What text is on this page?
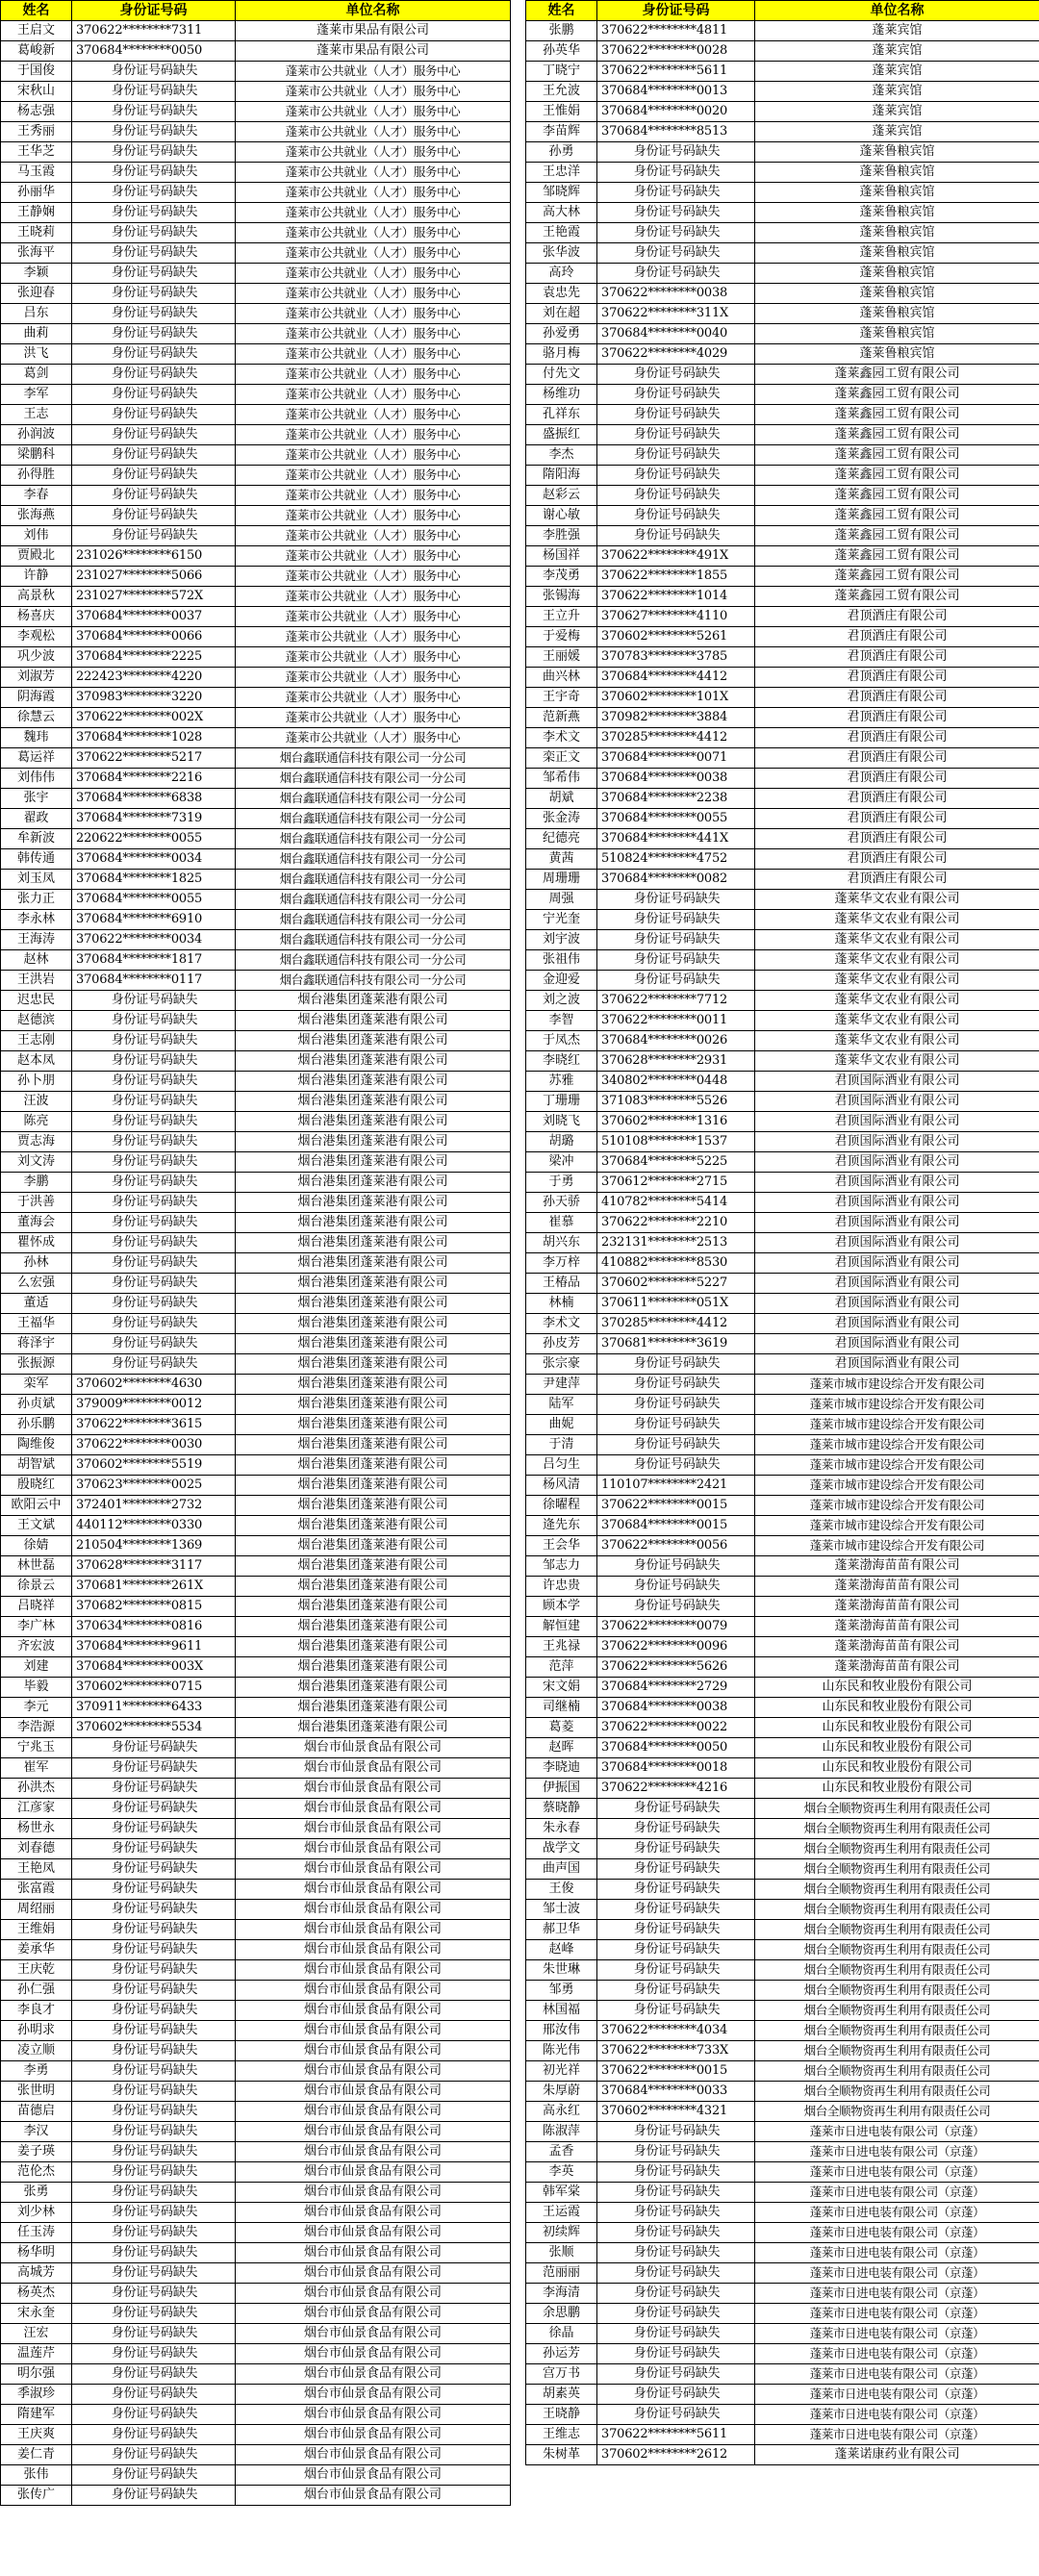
姓名	身份证号码	单位名称
王启文	370622********7311	蓬莱市果品有限公司
葛峻新	370684********0050	蓬莱市果品有限公司
于国俊	身份证号码缺失	蓬莱市公共就业（人才）服务中心
宋秋山	身份证号码缺失	蓬莱市公共就业（人才）服务中心
杨志强	身份证号码缺失	蓬莱市公共就业（人才）服务中心
王秀丽	身份证号码缺失	蓬莱市公共就业（人才）服务中心
王华芝	身份证号码缺失	蓬莱市公共就业（人才）服务中心
马玉霞	身份证号码缺失	蓬莱市公共就业（人才）服务中心
孙丽华	身份证号码缺失	蓬莱市公共就业（人才）服务中心
王静娴	身份证号码缺失	蓬莱市公共就业（人才）服务中心
王晓莉	身份证号码缺失	蓬莱市公共就业（人才）服务中心
张海平	身份证号码缺失	蓬莱市公共就业（人才）服务中心
李颖	身份证号码缺失	蓬莱市公共就业（人才）服务中心
张迎春	身份证号码缺失	蓬莱市公共就业（人才）服务中心
吕东	身份证号码缺失	蓬莱市公共就业（人才）服务中心
曲莉	身份证号码缺失	蓬莱市公共就业（人才）服务中心
洪飞	身份证号码缺失	蓬莱市公共就业（人才）服务中心
葛剑	身份证号码缺失	蓬莱市公共就业（人才）服务中心
李军	身份证号码缺失	蓬莱市公共就业（人才）服务中心
王志	身份证号码缺失	蓬莱市公共就业（人才）服务中心
孙润波	身份证号码缺失	蓬莱市公共就业（人才）服务中心
梁鹏科	身份证号码缺失	蓬莱市公共就业（人才）服务中心
孙得胜	身份证号码缺失	蓬莱市公共就业（人才）服务中心
李春	身份证号码缺失	蓬莱市公共就业（人才）服务中心
张海燕	身份证号码缺失	蓬莱市公共就业（人才）服务中心
刘伟	身份证号码缺失	蓬莱市公共就业（人才）服务中心
贾殿北	231026********6150	蓬莱市公共就业（人才）服务中心
许静	231027********5066	蓬莱市公共就业（人才）服务中心
高景秋	231027********572X	蓬莱市公共就业（人才）服务中心
杨喜庆	370684********0037	蓬莱市公共就业（人才）服务中心
李观松	370684********0066	蓬莱市公共就业（人才）服务中心
巩少波	370684********2225	蓬莱市公共就业（人才）服务中心
刘淑芳	222423********4220	蓬莱市公共就业（人才）服务中心
阴海霞	370983********3220	蓬莱市公共就业（人才）服务中心
徐慧云	370622********002X	蓬莱市公共就业（人才）服务中心
魏玮	370684********1028	蓬莱市公共就业（人才）服务中心
葛运祥	370622********5217	烟台鑫联通信科技有限公司一分公司
刘伟伟	370684********2216	烟台鑫联通信科技有限公司一分公司
张宇	370684********6838	烟台鑫联通信科技有限公司一分公司
翟政	370684********7319	烟台鑫联通信科技有限公司一分公司
牟新波	220622********0055	烟台鑫联通信科技有限公司一分公司
韩传通	370684********0034	烟台鑫联通信科技有限公司一分公司
刘玉凤	370684********1825	烟台鑫联通信科技有限公司一分公司
张力正	370684********0055	烟台鑫联通信科技有限公司一分公司
李永林	370684********6910	烟台鑫联通信科技有限公司一分公司
王海涛	370622********0034	烟台鑫联通信科技有限公司一分公司
赵林	370684********1817	烟台鑫联通信科技有限公司一分公司
王洪岩	370684********0117	烟台鑫联通信科技有限公司一分公司
迟忠民	身份证号码缺失	烟台港集团蓬莱港有限公司
赵德滨	身份证号码缺失	烟台港集团蓬莱港有限公司
王志刚	身份证号码缺失	烟台港集团蓬莱港有限公司
赵本凤	身份证号码缺失	烟台港集团蓬莱港有限公司
孙卜朋	身份证号码缺失	烟台港集团蓬莱港有限公司
汪波	身份证号码缺失	烟台港集团蓬莱港有限公司
陈亮	身份证号码缺失	烟台港集团蓬莱港有限公司
贾志海	身份证号码缺失	烟台港集团蓬莱港有限公司
刘文涛	身份证号码缺失	烟台港集团蓬莱港有限公司
李鹏	身份证号码缺失	烟台港集团蓬莱港有限公司
于洪善	身份证号码缺失	烟台港集团蓬莱港有限公司
董海会	身份证号码缺失	烟台港集团蓬莱港有限公司
瞿怀成	身份证号码缺失	烟台港集团蓬莱港有限公司
孙林	身份证号码缺失	烟台港集团蓬莱港有限公司
么宏强	身份证号码缺失	烟台港集团蓬莱港有限公司
董适	身份证号码缺失	烟台港集团蓬莱港有限公司
王福华	身份证号码缺失	烟台港集团蓬莱港有限公司
蒋泽宇	身份证号码缺失	烟台港集团蓬莱港有限公司
张振源	身份证号码缺失	烟台港集团蓬莱港有限公司
栾军	370602********4630	烟台港集团蓬莱港有限公司
孙贞斌	379009********0012	烟台港集团蓬莱港有限公司
孙乐鹏	370622********3615	烟台港集团蓬莱港有限公司
陶维俊	370622********0030	烟台港集团蓬莱港有限公司
胡智斌	370602********5519	烟台港集团蓬莱港有限公司
殷晓红	370623********0025	烟台港集团蓬莱港有限公司
欧阳云中	372401********2732	烟台港集团蓬莱港有限公司
王文斌	440112********0330	烟台港集团蓬莱港有限公司
徐婧	210504********1369	烟台港集团蓬莱港有限公司
林世磊	370628********3117	烟台港集团蓬莱港有限公司
徐景云	370681********261X	烟台港集团蓬莱港有限公司
吕晓祥	370682********0815	烟台港集团蓬莱港有限公司
李广林	370634********0816	烟台港集团蓬莱港有限公司
齐宏波	370684********9611	烟台港集团蓬莱港有限公司
刘建	370684********003X	烟台港集团蓬莱港有限公司
毕毅	370602********0715	烟台港集团蓬莱港有限公司
李元	370911********6433	烟台港集团蓬莱港有限公司
李浩源	370602********5534	烟台港集团蓬莱港有限公司
宁兆玉	身份证号码缺失	烟台市仙景食品有限公司
崔军	身份证号码缺失	烟台市仙景食品有限公司
孙洪杰	身份证号码缺失	烟台市仙景食品有限公司
江彦家	身份证号码缺失	烟台市仙景食品有限公司
杨世永	身份证号码缺失	烟台市仙景食品有限公司
刘春德	身份证号码缺失	烟台市仙景食品有限公司
王艳凤	身份证号码缺失	烟台市仙景食品有限公司
张富霞	身份证号码缺失	烟台市仙景食品有限公司
周绍丽	身份证号码缺失	烟台市仙景食品有限公司
王维娟	身份证号码缺失	烟台市仙景食品有限公司
姜承华	身份证号码缺失	烟台市仙景食品有限公司
王庆乾	身份证号码缺失	烟台市仙景食品有限公司
孙仁强	身份证号码缺失	烟台市仙景食品有限公司
李良才	身份证号码缺失	烟台市仙景食品有限公司
孙明求	身份证号码缺失	烟台市仙景食品有限公司
凌立顺	身份证号码缺失	烟台市仙景食品有限公司
李勇	身份证号码缺失	烟台市仙景食品有限公司
张世明	身份证号码缺失	烟台市仙景食品有限公司
苗德启	身份证号码缺失	烟台市仙景食品有限公司
李汉	身份证号码缺失	烟台市仙景食品有限公司
姜子瑛	身份证号码缺失	烟台市仙景食品有限公司
范伦杰	身份证号码缺失	烟台市仙景食品有限公司
张勇	身份证号码缺失	烟台市仙景食品有限公司
刘少林	身份证号码缺失	烟台市仙景食品有限公司
任玉涛	身份证号码缺失	烟台市仙景食品有限公司
杨华明	身份证号码缺失	烟台市仙景食品有限公司
高城芳	身份证号码缺失	烟台市仙景食品有限公司
杨英杰	身份证号码缺失	烟台市仙景食品有限公司
宋永奎	身份证号码缺失	烟台市仙景食品有限公司
汪宏	身份证号码缺失	烟台市仙景食品有限公司
温莲芹	身份证号码缺失	烟台市仙景食品有限公司
明尔强	身份证号码缺失	烟台市仙景食品有限公司
季淑珍	身份证号码缺失	烟台市仙景食品有限公司
隋建军	身份证号码缺失	烟台市仙景食品有限公司
王庆爽	身份证号码缺失	烟台市仙景食品有限公司
姜仁青	身份证号码缺失	烟台市仙景食品有限公司
张伟	身份证号码缺失	烟台市仙景食品有限公司
张传广	身份证号码缺失	烟台市仙景食品有限公司
姓名	身份证号码	单位名称
张鹏	370622********4811	蓬莱宾馆
孙英华	370622********0028	蓬莱宾馆
丁晓宁	370622********5611	蓬莱宾馆
王允波	370684********0013	蓬莱宾馆
王惟娟	370684********0020	蓬莱宾馆
李苗辉	370684********8513	蓬莱宾馆
孙勇	身份证号码缺失	蓬莱鲁粮宾馆
王忠洋	身份证号码缺失	蓬莱鲁粮宾馆
邹晓辉	身份证号码缺失	蓬莱鲁粮宾馆
高大林	身份证号码缺失	蓬莱鲁粮宾馆
王艳霞	身份证号码缺失	蓬莱鲁粮宾馆
张华波	身份证号码缺失	蓬莱鲁粮宾馆
高玲	身份证号码缺失	蓬莱鲁粮宾馆
袁忠先	370622********0038	蓬莱鲁粮宾馆
刘在超	370622********311X	蓬莱鲁粮宾馆
孙爱勇	370684********0040	蓬莱鲁粮宾馆
骆月梅	370622********4029	蓬莱鲁粮宾馆
付先文	身份证号码缺失	蓬莱鑫园工贸有限公司
杨维功	身份证号码缺失	蓬莱鑫园工贸有限公司
孔祥东	身份证号码缺失	蓬莱鑫园工贸有限公司
盛振红	身份证号码缺失	蓬莱鑫园工贸有限公司
李杰	身份证号码缺失	蓬莱鑫园工贸有限公司
隋阳海	身份证号码缺失	蓬莱鑫园工贸有限公司
赵彩云	身份证号码缺失	蓬莱鑫园工贸有限公司
谢心敏	身份证号码缺失	蓬莱鑫园工贸有限公司
李胜强	身份证号码缺失	蓬莱鑫园工贸有限公司
杨国祥	370622********491X	蓬莱鑫园工贸有限公司
李茂勇	370622********1855	蓬莱鑫园工贸有限公司
张锡海	370622********1014	蓬莱鑫园工贸有限公司
王立升	370627********4110	君顶酒庄有限公司
于爱梅	370602********5261	君顶酒庄有限公司
王丽媛	370783********3785	君顶酒庄有限公司
曲兴林	370684********4412	君顶酒庄有限公司
王宇奇	370602********101X	君顶酒庄有限公司
范新燕	370982********3884	君顶酒庄有限公司
李术文	370285********4412	君顶酒庄有限公司
栾正文	370684********0071	君顶酒庄有限公司
邹希伟	370684********0038	君顶酒庄有限公司
胡斌	370684********2238	君顶酒庄有限公司
张金涛	370684********0055	君顶酒庄有限公司
纪德亮	370684********441X	君顶酒庄有限公司
黄茜	510824********4752	君顶酒庄有限公司
周珊珊	370684********0082	君顶酒庄有限公司
周强	身份证号码缺失	蓬莱华文农业有限公司
宁光奎	身份证号码缺失	蓬莱华文农业有限公司
刘宇波	身份证号码缺失	蓬莱华文农业有限公司
张祖伟	身份证号码缺失	蓬莱华文农业有限公司
金迎爱	身份证号码缺失	蓬莱华文农业有限公司
刘之波	370622********7712	蓬莱华文农业有限公司
李智	370622********0011	蓬莱华文农业有限公司
于凤杰	370684********0026	蓬莱华文农业有限公司
李晓红	370628********2931	蓬莱华文农业有限公司
苏雅	340802********0448	君顶国际酒业有限公司
丁珊珊	371083********5526	君顶国际酒业有限公司
刘晓飞	370602********1316	君顶国际酒业有限公司
胡璐	510108********1537	君顶国际酒业有限公司
梁冲	370684********5225	君顶国际酒业有限公司
于勇	370612********2715	君顶国际酒业有限公司
孙天骄	410782********5414	君顶国际酒业有限公司
崔慕	370622********2210	君顶国际酒业有限公司
胡兴东	232131********2513	君顶国际酒业有限公司
李万梓	410882********8530	君顶国际酒业有限公司
王椿品	370602********5227	君顶国际酒业有限公司
林楠	370611********051X	君顶国际酒业有限公司
李术文	370285********4412	君顶国际酒业有限公司
孙皮芳	370681********3619	君顶国际酒业有限公司
张宗豪	身份证号码缺失	君顶国际酒业有限公司
尹建萍	身份证号码缺失	蓬莱市城市建设综合开发有限公司
陆军	身份证号码缺失	蓬莱市城市建设综合开发有限公司
曲妮	身份证号码缺失	蓬莱市城市建设综合开发有限公司
于清	身份证号码缺失	蓬莱市城市建设综合开发有限公司
吕匀生	身份证号码缺失	蓬莱市城市建设综合开发有限公司
杨风清	110107********2421	蓬莱市城市建设综合开发有限公司
徐曜程	370622********0015	蓬莱市城市建设综合开发有限公司
逄先东	370684********0015	蓬莱市城市建设综合开发有限公司
王会华	370622********0056	蓬莱市城市建设综合开发有限公司
邹志力	身份证号码缺失	蓬莱渤海苗苗有限公司
许忠贵	身份证号码缺失	蓬莱渤海苗苗有限公司
顾本学	身份证号码缺失	蓬莱渤海苗苗有限公司
解恒建	370622********0079	蓬莱渤海苗苗有限公司
王兆禄	370622********0096	蓬莱渤海苗苗有限公司
范萍	370622********5626	蓬莱渤海苗苗有限公司
宋文娟	370684********2729	山东民和牧业股份有限公司
司继楠	370684********0038	山东民和牧业股份有限公司
葛菱	370622********0022	山东民和牧业股份有限公司
赵晖	370684********0050	山东民和牧业股份有限公司
李晓迪	370684********0018	山东民和牧业股份有限公司
伊振国	370622********4216	山东民和牧业股份有限公司
蔡晓静	身份证号码缺失	烟台全顺物资再生利用有限责任公司
朱永春	身份证号码缺失	烟台全顺物资再生利用有限责任公司
战学文	身份证号码缺失	烟台全顺物资再生利用有限责任公司
曲声国	身份证号码缺失	烟台全顺物资再生利用有限责任公司
王俊	身份证号码缺失	烟台全顺物资再生利用有限责任公司
邹士波	身份证号码缺失	烟台全顺物资再生利用有限责任公司
郝卫华	身份证号码缺失	烟台全顺物资再生利用有限责任公司
赵峰	身份证号码缺失	烟台全顺物资再生利用有限责任公司
朱世琳	身份证号码缺失	烟台全顺物资再生利用有限责任公司
邹勇	身份证号码缺失	烟台全顺物资再生利用有限责任公司
林国福	身份证号码缺失	烟台全顺物资再生利用有限责任公司
邢汝伟	370622********4034	烟台全顺物资再生利用有限责任公司
陈光伟	370622********733X	烟台全顺物资再生利用有限责任公司
初光祥	370622********0015	烟台全顺物资再生利用有限责任公司
朱厚蔚	370684********0033	烟台全顺物资再生利用有限责任公司
高永红	370602********4321	烟台全顺物资再生利用有限责任公司
陈淑萍	身份证号码缺失	蓬莱市日进电装有限公司（京蓬）
孟香	身份证号码缺失	蓬莱市日进电装有限公司（京蓬）
李英	身份证号码缺失	蓬莱市日进电装有限公司（京蓬）
韩军棠	身份证号码缺失	蓬莱市日进电装有限公司（京蓬）
王运霞	身份证号码缺失	蓬莱市日进电装有限公司（京蓬）
初续辉	身份证号码缺失	蓬莱市日进电装有限公司（京蓬）
张顺	身份证号码缺失	蓬莱市日进电装有限公司（京蓬）
范丽丽	身份证号码缺失	蓬莱市日进电装有限公司（京蓬）
李海清	身份证号码缺失	蓬莱市日进电装有限公司（京蓬）
余思鹏	身份证号码缺失	蓬莱市日进电装有限公司（京蓬）
徐晶	身份证号码缺失	蓬莱市日进电装有限公司（京蓬）
孙运芳	身份证号码缺失	蓬莱市日进电装有限公司（京蓬）
宫万书	身份证号码缺失	蓬莱市日进电装有限公司（京蓬）
胡素英	身份证号码缺失	蓬莱市日进电装有限公司（京蓬）
王晓静	身份证号码缺失	蓬莱市日进电装有限公司（京蓬）
王维志	370622********5611	蓬莱市日进电装有限公司（京蓬）
朱树革	370602********2612	蓬莱诺康药业有限公司
